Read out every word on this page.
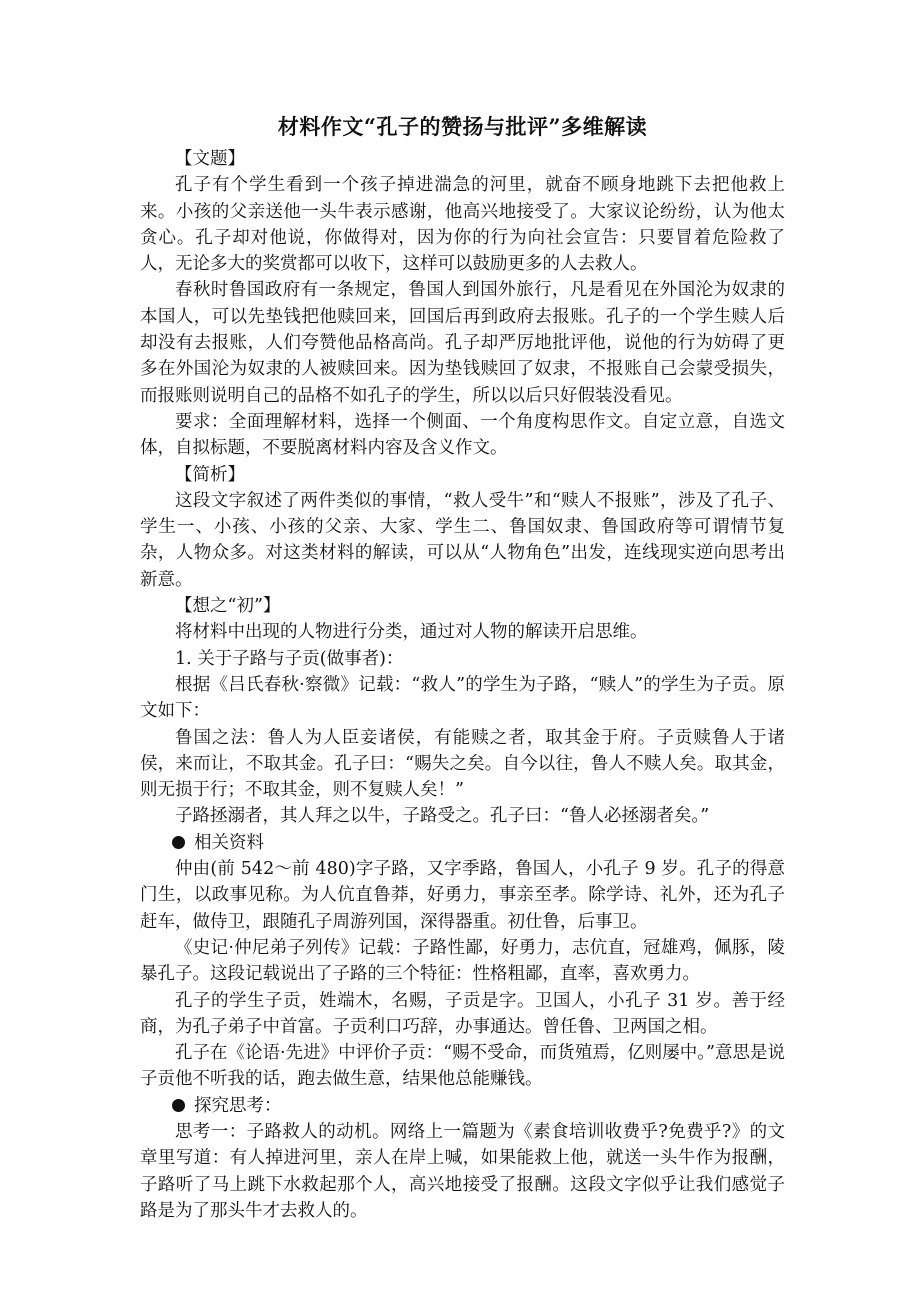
材料作文“孔子的赞扬与批评”多维解读

【文题】

孔子有个学生看到一个孩子掉进湍急的河里，就奋不顾身地跳下去把他救上来。小孩的父亲送他一头牛表示感谢，他高兴地接受了。大家议论纷纷，认为他太贪心。孔子却对他说，你做得对，因为你的行为向社会宣告：只要冒着危险救了人，无论多大的奖赏都可以收下，这样可以鼓励更多的人去救人。

春秋时鲁国政府有一条规定，鲁国人到国外旅行，凡是看见在外国沦为奴隶的本国人，可以先垫钱把他赎回来，回国后再到政府去报账。孔子的一个学生赎人后却没有去报账，人们夸赞他品格高尚。孔子却严厉地批评他，说他的行为妨碍了更多在外国沦为奴隶的人被赎回来。因为垫钱赎回了奴隶，不报账自己会蒙受损失，而报账则说明自己的品格不如孔子的学生，所以以后只好假装没看见。

要求：全面理解材料，选择一个侧面、一个角度构思作文。自定立意，自选文体，自拟标题，不要脱离材料内容及含义作文。

【简析】

这段文字叙述了两件类似的事情，“救人受牛”和“赎人不报账”，涉及了孔子、学生一、小孩、小孩的父亲、大家、学生二、鲁国奴隶、鲁国政府等可谓情节复杂，人物众多。对这类材料的解读，可以从“人物角色”出发，连线现实逆向思考出新意。

【想之“初”】

将材料中出现的人物进行分类，通过对人物的解读开启思维。

1. 关于子路与子贡(做事者)：

根据《吕氏春秋·察微》记载：“救人”的学生为子路，“赎人”的学生为子贡。原文如下：

鲁国之法：鲁人为人臣妾诸侯，有能赎之者，取其金于府。子贡赎鲁人于诸侯，来而让，不取其金。孔子曰：“赐失之矣。自今以往，鲁人不赎人矣。取其金，则无损于行；不取其金，则不复赎人矣！”

子路拯溺者，其人拜之以牛，子路受之。孔子曰：“鲁人必拯溺者矣。”

相关资料

仲由(前 542～前 480)字子路，又字季路，鲁国人，小孔子 9 岁。孔子的得意门生，以政事见称。为人伉直鲁莽，好勇力，事亲至孝。除学诗、礼外，还为孔子赶车，做侍卫，跟随孔子周游列国，深得器重。初仕鲁，后事卫。

《史记·仲尼弟子列传》记载：子路性鄙，好勇力，志伉直，冠雄鸡，佩豚，陵暴孔子。这段记载说出了子路的三个特征：性格粗鄙，直率，喜欢勇力。

孔子的学生子贡，姓端木，名赐，子贡是字。卫国人，小孔子 31 岁。善于经商，为孔子弟子中首富。子贡利口巧辞，办事通达。曾任鲁、卫两国之相。

孔子在《论语·先进》中评价子贡：“赐不受命，而货殖焉，亿则屡中。”意思是说子贡他不听我的话，跑去做生意，结果他总能赚钱。

探究思考：

思考一：子路救人的动机。网络上一篇题为《素食培训收费乎?免费乎?》的文章里写道：有人掉进河里，亲人在岸上喊，如果能救上他，就送一头牛作为报酬，子路听了马上跳下水救起那个人，高兴地接受了报酬。这段文字似乎让我们感觉子路是为了那头牛才去救人的。
